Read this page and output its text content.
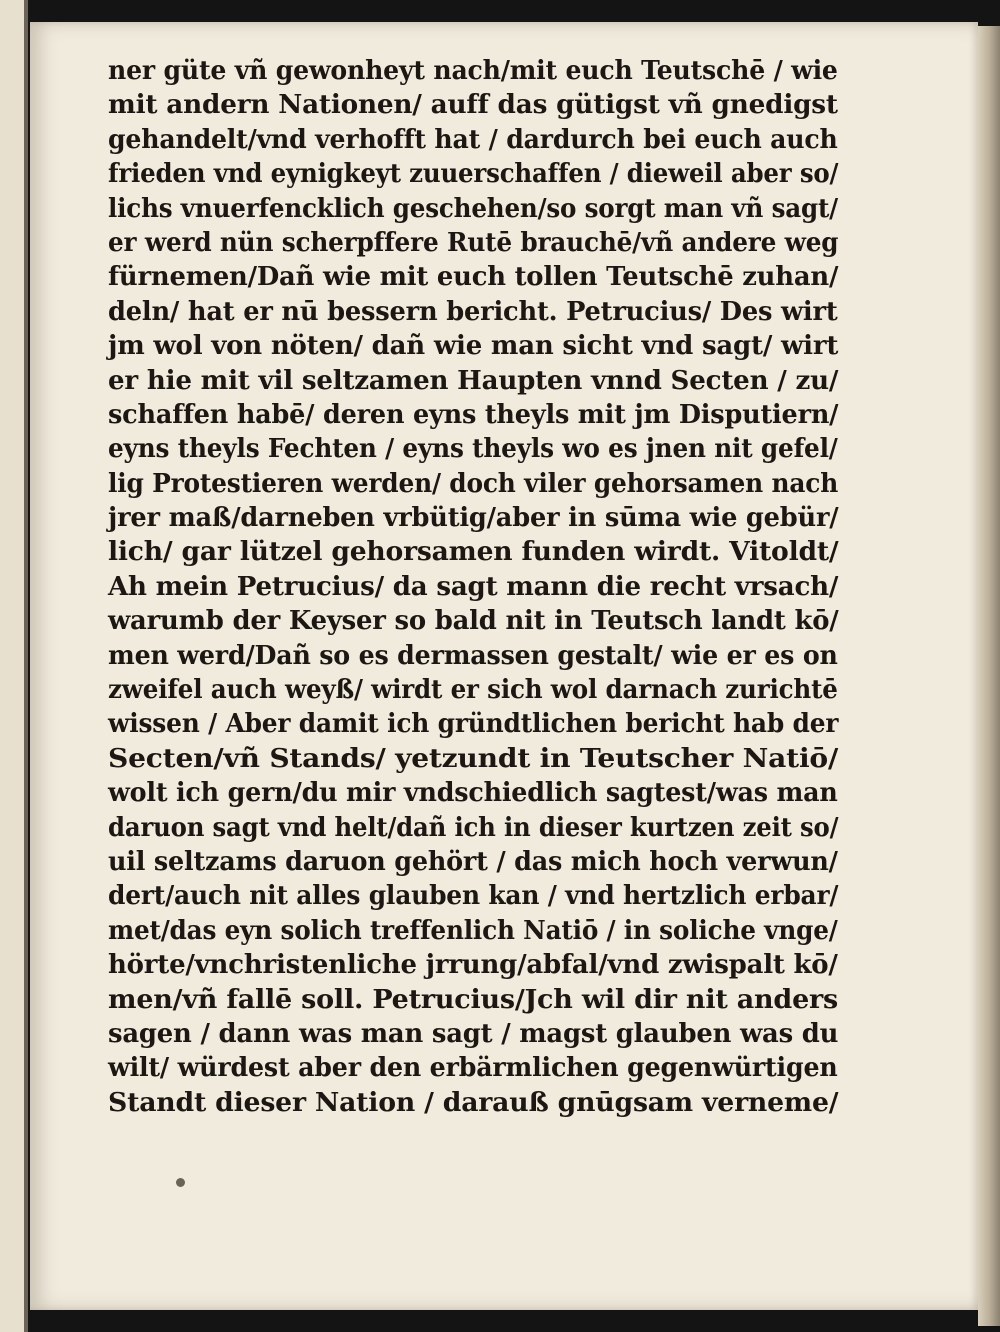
ner güte vñ gewonheyt nach/mit euch Teutschē / wie
mit andern Nationen/ auff das gütigst vñ gnedigst
gehandelt/vnd verhofft hat / dardurch bei euch auch
frieden vnd eynigkeyt zuuerschaffen / dieweil aber so/
lichs vnuerfencklich geschehen/so sorgt man vñ sagt/
er werd nün scherpffere Rutē brauchē/vñ andere weg
fürnemen/Dañ wie mit euch tollen Teutschē zuhan/
deln/ hat er nū bessern bericht. Petrucius/ Des wirt
jm wol von nöten/ dañ wie man sicht vnd sagt/ wirt
er hie mit vil seltzamen Haupten vnnd Secten / zu/
schaffen habē/ deren eyns theyls mit jm Disputiern/
eyns theyls Fechten / eyns theyls wo es jnen nit gefel/
lig Protestieren werden/ doch viler gehorsamen nach
jrer maß/darneben vrbütig/aber in sūma wie gebür/
lich/ gar lützel gehorsamen funden wirdt. Vitoldt/
Ah mein Petrucius/ da sagt mann die recht vrsach/
warumb der Keyser so bald nit in Teutsch landt kō/
men werd/Dañ so es dermassen gestalt/ wie er es on
zweifel auch weyß/ wirdt er sich wol darnach zurichtē
wissen / Aber damit ich gründtlichen bericht hab der
Secten/vñ Stands/ yetzundt in Teutscher Natiō/
wolt ich gern/du mir vndschiedlich sagtest/was man
daruon sagt vnd helt/dañ ich in dieser kurtzen zeit so/
uil seltzams daruon gehört / das mich hoch verwun/
dert/auch nit alles glauben kan / vnd hertzlich erbar/
met/das eyn solich treffenlich Natiō / in soliche vnge/
hörte/vnchristenliche jrrung/abfal/vnd zwispalt kō/
men/vñ fallē soll. Petrucius/Jch wil dir nit anders
sagen / dann was man sagt / magst glauben was du
wilt/ würdest aber den erbärmlichen gegenwürtigen
Standt dieser Nation / darauß gnūgsam verneme/
